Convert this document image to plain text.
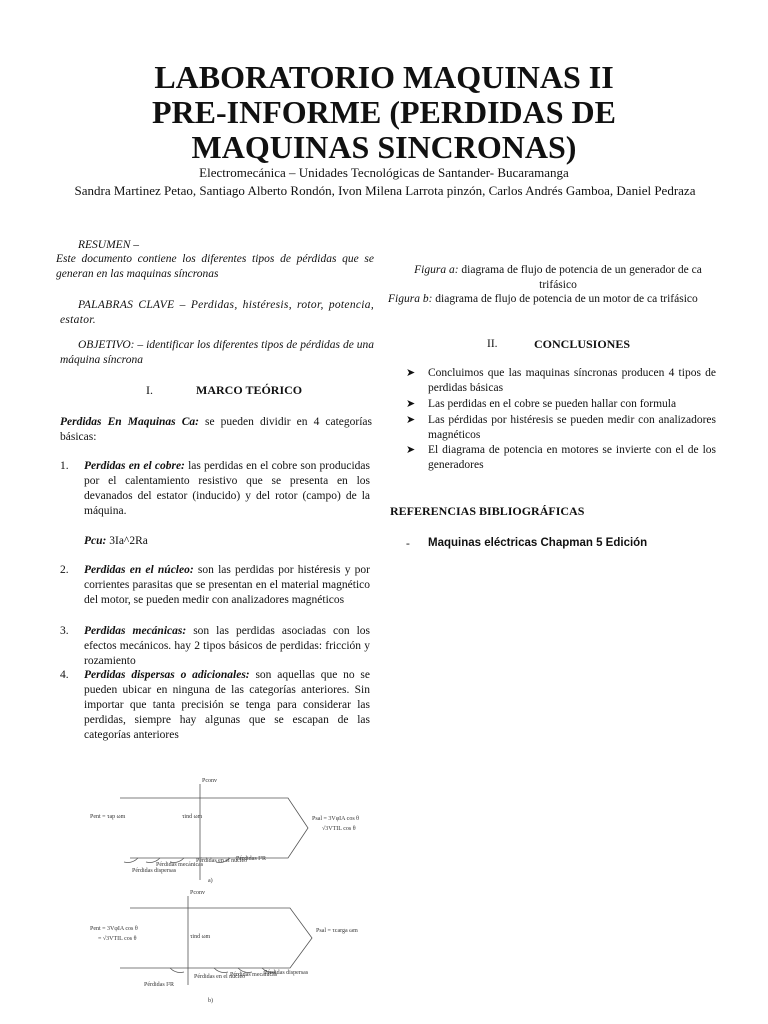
LABORATORIO MAQUINAS II
PRE-INFORME (PERDIDAS DE
MAQUINAS SINCRONAS)
Electromecánica – Unidades Tecnológicas de Santander- Bucaramanga
Sandra Martinez Petao, Santiago Alberto Rondón, Ivon Milena Larrota pinzón, Carlos Andrés Gamboa, Daniel Pedraza
RESUMEN –
Este documento contiene los diferentes tipos de pérdidas que se generan en las maquinas síncronas
PALABRAS CLAVE – Perdidas, histéresis, rotor, potencia, estator.
OBJETIVO: – identificar los diferentes tipos de pérdidas de una máquina síncrona
I.	MARCO TEÓRICO
Perdidas En Maquinas Ca: se pueden dividir en 4 categorías básicas:
1. Perdidas en el cobre: las perdidas en el cobre son producidas por el calentamiento resistivo que se presenta en los devanados del estator (inducido) y del rotor (campo) de la máquina.
Pcu: 3Ia^2Ra
2. Perdidas en el núcleo: son las perdidas por histéresis y por corrientes parasitas que se presentan en el material magnético del motor, se pueden medir con analizadores magnéticos
3. Perdidas mecánicas: son las perdidas asociadas con los efectos mecánicos. hay 2 tipos básicos de perdidas: fricción y rozamiento
4. Perdidas dispersas o adicionales: son aquellas que no se pueden ubicar en ninguna de las categorías anteriores. Sin importar que tanta precisión se tenga para considerar las perdidas, siempre hay algunas que se escapan de las categorías anteriores
Figura a: diagrama de flujo de potencia de un generador de ca trifásico
Figura b: diagrama de flujo de potencia de un motor de ca trifásico
II.	CONCLUSIONES
➤ Concluimos que las maquinas síncronas producen 4 tipos de perdidas básicas
➤ Las perdidas en el cobre se pueden hallar con formula
➤ Las pérdidas por histéresis se pueden medir con analizadores magnéticos
➤ El diagrama de potencia en motores se invierte con el de los generadores
REFERENCIAS BIBLIOGRÁFICAS
- Maquinas eléctricas Chapman 5 Edición
Pconv
Pent = τap ωm	τind ωm	Psal = 3VφIA cos θ
√3VTIL cos θ
Pérdidas dispersas
Pérdidas mecánicas
Pérdidas en el núcleo
Pérdidas I²R
a)
Pconv
Pent = 3VφIA cos θ
= √3VTIL cos θ	τind ωm
Psal = τcarga ωm
Pérdidas I²R
Pérdidas en el núcleo
Pérdidas mecánicas
Pérdidas dispersas
b)
